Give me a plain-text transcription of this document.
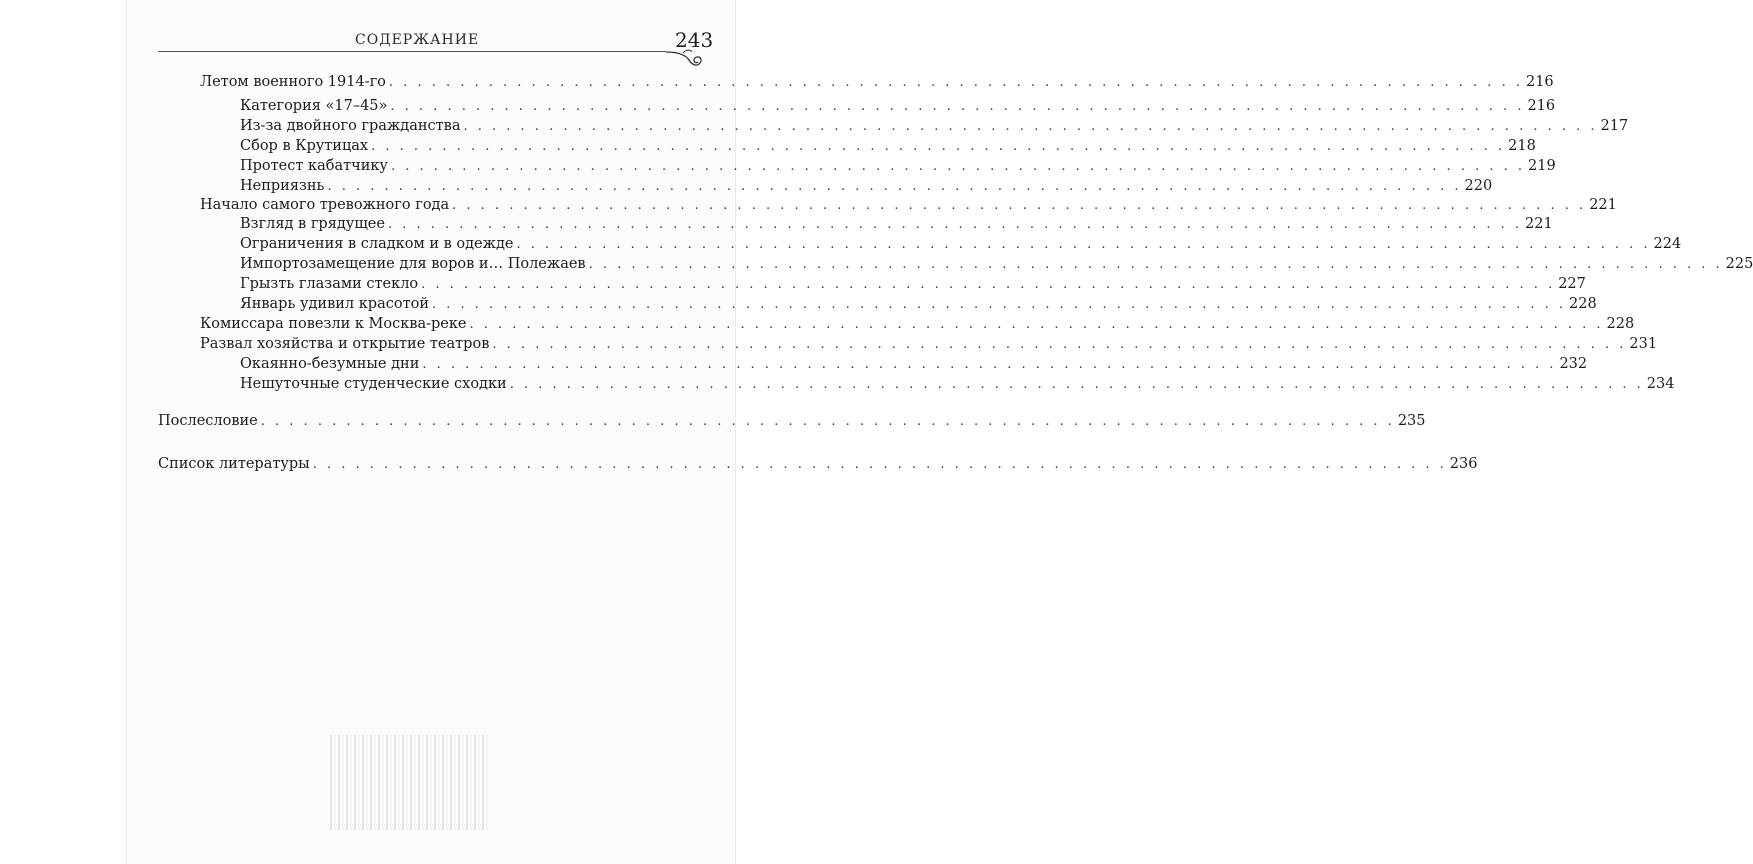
СОДЕРЖАНИЕ	243
Летом военного 1914-го . . . . . . . . . . . . . . . . . . . . . . . . . . . . . . . . . . . . . . . . . . . . . . . . . . . . . . . . . . . . . . . . . . . . . . . . . . . . . . . . 216
Категория «17–45» . . . . . . . . . . . . . . . . . . . . . . . . . . . . . . . . . . . . . . . . . . . . . . . . . . . . . . . . . . . . . . . . . . . . . . . . . . . . . . . . 216
Из-за двойного гражданства . . . . . . . . . . . . . . . . . . . . . . . . . . . . . . . . . . . . . . . . . . . . . . . . . . . . . . . . . . . . . . . . . . . . . . . . . . . . . . . . 217
Сбор в Крутицах . . . . . . . . . . . . . . . . . . . . . . . . . . . . . . . . . . . . . . . . . . . . . . . . . . . . . . . . . . . . . . . . . . . . . . . . . . . . . . . . 218
Протест кабатчику . . . . . . . . . . . . . . . . . . . . . . . . . . . . . . . . . . . . . . . . . . . . . . . . . . . . . . . . . . . . . . . . . . . . . . . . . . . . . . . . 219
Неприязнь . . . . . . . . . . . . . . . . . . . . . . . . . . . . . . . . . . . . . . . . . . . . . . . . . . . . . . . . . . . . . . . . . . . . . . . . . . . . . . . . 220
Начало самого тревожного года . . . . . . . . . . . . . . . . . . . . . . . . . . . . . . . . . . . . . . . . . . . . . . . . . . . . . . . . . . . . . . . . . . . . . . . . . . . . . . . . 221
Взгляд в грядущее . . . . . . . . . . . . . . . . . . . . . . . . . . . . . . . . . . . . . . . . . . . . . . . . . . . . . . . . . . . . . . . . . . . . . . . . . . . . . . . . 221
Ограничения в сладком и в одежде . . . . . . . . . . . . . . . . . . . . . . . . . . . . . . . . . . . . . . . . . . . . . . . . . . . . . . . . . . . . . . . . . . . . . . . . . . . . . . . . 224
Импортозамещение для воров и… Полежаев . . . . . . . . . . . . . . . . . . . . . . . . . . . . . . . . . . . . . . . . . . . . . . . . . . . . . . . . . . . . . . . . . . . . . . . . . . . . . . . . 225
Грызть глазами стекло . . . . . . . . . . . . . . . . . . . . . . . . . . . . . . . . . . . . . . . . . . . . . . . . . . . . . . . . . . . . . . . . . . . . . . . . . . . . . . . . 227
Январь удивил красотой . . . . . . . . . . . . . . . . . . . . . . . . . . . . . . . . . . . . . . . . . . . . . . . . . . . . . . . . . . . . . . . . . . . . . . . . . . . . . . . . 228
Комиссара повезли к Москва-реке . . . . . . . . . . . . . . . . . . . . . . . . . . . . . . . . . . . . . . . . . . . . . . . . . . . . . . . . . . . . . . . . . . . . . . . . . . . . . . . . 228
Развал хозяйства и открытие театров . . . . . . . . . . . . . . . . . . . . . . . . . . . . . . . . . . . . . . . . . . . . . . . . . . . . . . . . . . . . . . . . . . . . . . . . . . . . . . . . 231
Окаянно-безумные дни . . . . . . . . . . . . . . . . . . . . . . . . . . . . . . . . . . . . . . . . . . . . . . . . . . . . . . . . . . . . . . . . . . . . . . . . . . . . . . . . 232
Нешуточные студенческие сходки . . . . . . . . . . . . . . . . . . . . . . . . . . . . . . . . . . . . . . . . . . . . . . . . . . . . . . . . . . . . . . . . . . . . . . . . . . . . . . . . 234
Послесловие . . . . . . . . . . . . . . . . . . . . . . . . . . . . . . . . . . . . . . . . . . . . . . . . . . . . . . . . . . . . . . . . . . . . . . . . . . . . . . . . 235
Список литературы . . . . . . . . . . . . . . . . . . . . . . . . . . . . . . . . . . . . . . . . . . . . . . . . . . . . . . . . . . . . . . . . . . . . . . . . . . . . . . . . 236
